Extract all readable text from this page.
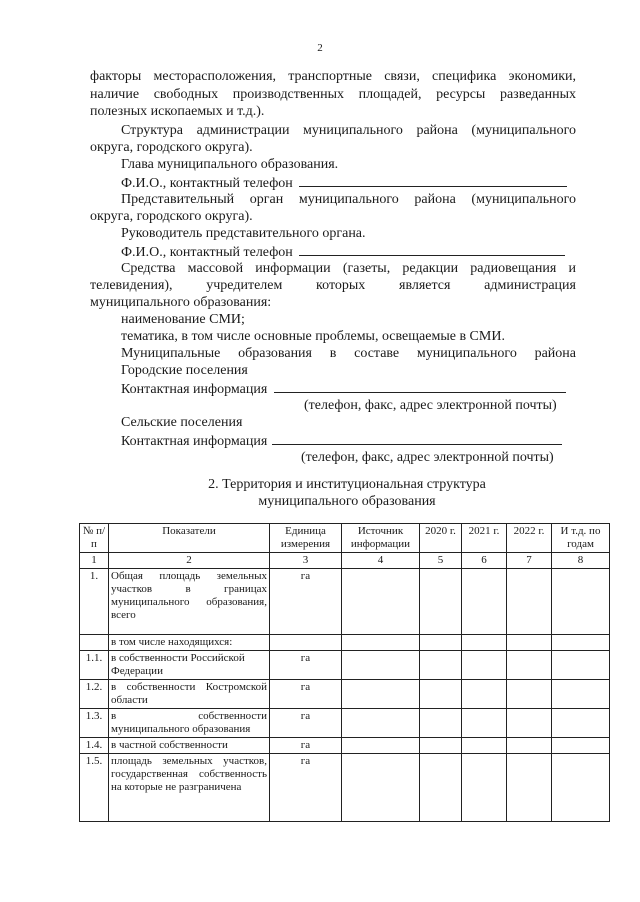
2
факторы месторасположения, транспортные связи, специфика экономики,
наличие свободных производственных площадей, ресурсы разведанных
полезных ископаемых и т.д.).
Структура администрации муниципального района (муниципального
округа, городского округа).
Глава муниципального образования.
Ф.И.О., контактный телефон
Представительный орган муниципального района (муниципального
округа, городского округа).
Руководитель представительного органа.
Ф.И.О., контактный телефон
Средства массовой информации (газеты, редакции радиовещания и
телевидения), учредителем которых является администрация
муниципального образования:
наименование СМИ;
тематика, в том числе основные проблемы, освещаемые в СМИ.
Муниципальные образования в составе муниципального района
Городские поселения
Контактная информация
(телефон, факс, адрес электронной почты)
Сельские поселения
Контактная информация
(телефон, факс, адрес электронной почты)
2. Территория и институциональная структура
муниципального образования
№ п/п	Показатели	Единица измерения	Источник информации	2020 г.	2021 г.	2022 г.	И т.д. по годам
1	2	3	4	5	6	7	8
1.	Общая площадь земельных участков в границах муниципального образования, всего	га					
	в том числе находящихся:						
1.1.	в собственности Российской Федерации	га					
1.2.	в собственности Костромской области	га					
1.3.	в собственности муниципального образования	га					
1.4.	в частной собственности	га					
1.5.	площадь земельных участков, государственная собственность на которые не разграничена	га					
